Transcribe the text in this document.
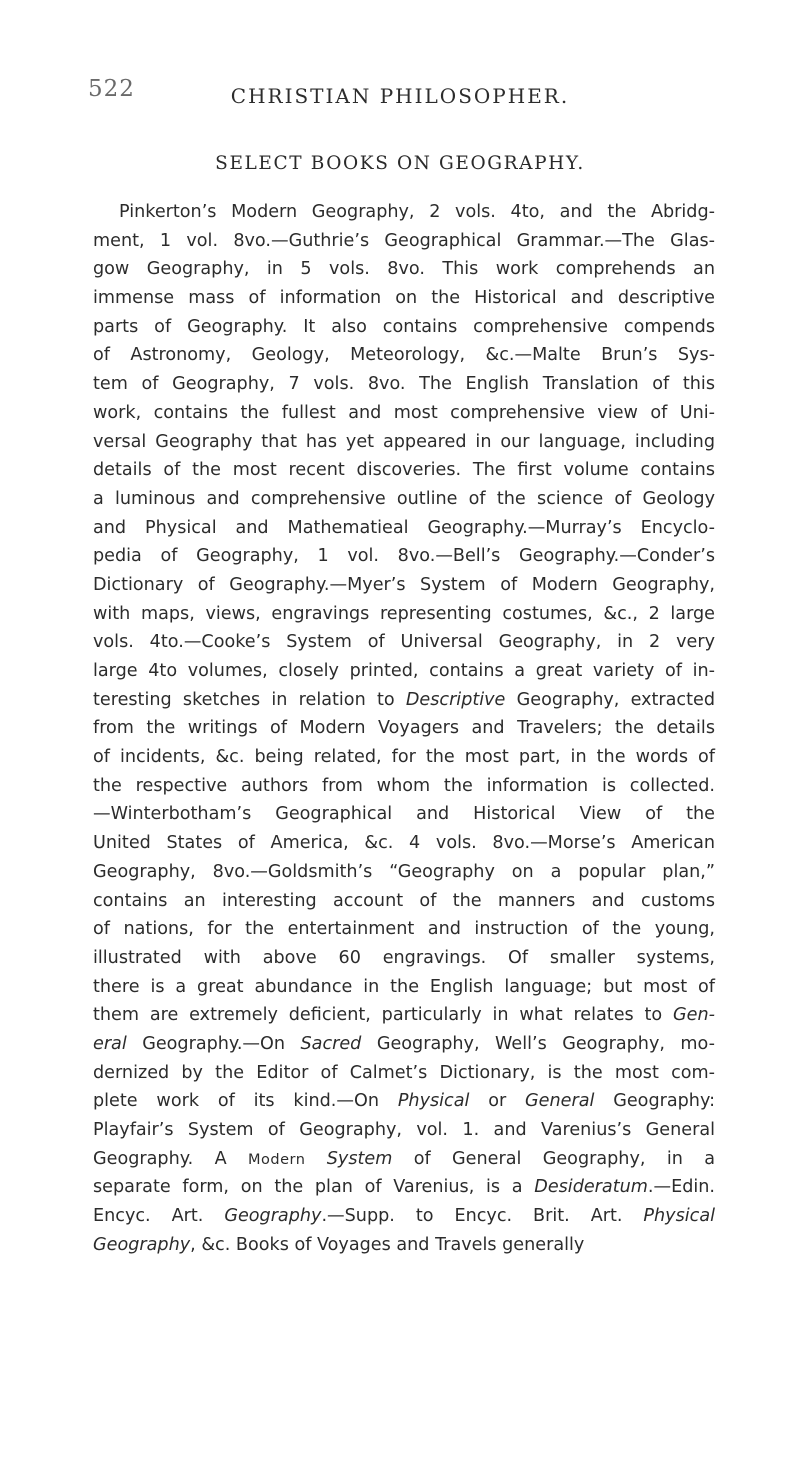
522	CHRISTIAN PHILOSOPHER.
SELECT BOOKS ON GEOGRAPHY.
Pinkerton’s Modern Geography, 2 vols. 4to, and the Abridg-
ment, 1 vol. 8vo.—Guthrie’s Geographical Grammar.—The Glas-
gow Geography, in 5 vols. 8vo. This work comprehends an
immense mass of information on the Historical and descriptive
parts of Geography. It also contains comprehensive compends
of Astronomy, Geology, Meteorology, &c.—Malte Brun’s Sys-
tem of Geography, 7 vols. 8vo. The English Translation of this
work, contains the fullest and most comprehensive view of Uni-
versal Geography that has yet appeared in our language, including
details of the most recent discoveries. The first volume contains
a luminous and comprehensive outline of the science of Geology
and Physical and Mathematieal Geography.—Murray’s Encyclo-
pedia of Geography, 1 vol. 8vo.—Bell’s Geography.—Conder’s
Dictionary of Geography.—Myer’s System of Modern Geography,
with maps, views, engravings representing costumes, &c., 2 large
vols. 4to.—Cooke’s System of Universal Geography, in 2 very
large 4to volumes, closely printed, contains a great variety of in-
teresting sketches in relation to Descriptive Geography, extracted
from the writings of Modern Voyagers and Travelers; the details
of incidents, &c. being related, for the most part, in the words of
the respective authors from whom the information is collected.
—Winterbotham’s Geographical and Historical View of the
United States of America, &c. 4 vols. 8vo.—Morse’s American
Geography, 8vo.—Goldsmith’s “Geography on a popular plan,”
contains an interesting account of the manners and customs
of nations, for the entertainment and instruction of the young,
illustrated with above 60 engravings. Of smaller systems,
there is a great abundance in the English language; but most of
them are extremely deficient, particularly in what relates to Gen-
eral Geography.—On Sacred Geography, Well’s Geography, mo-
dernized by the Editor of Calmet’s Dictionary, is the most com-
plete work of its kind.—On Physical or General Geography:
Playfair’s System of Geography, vol. 1. and Varenius’s General
Geography. A Modern System of General Geography, in a
separate form, on the plan of Varenius, is a Desideratum.—Edin.
Encyc. Art. Geography.—Supp. to Encyc. Brit. Art. Physical
Geography, &c. Books of Voyages and Travels generally
